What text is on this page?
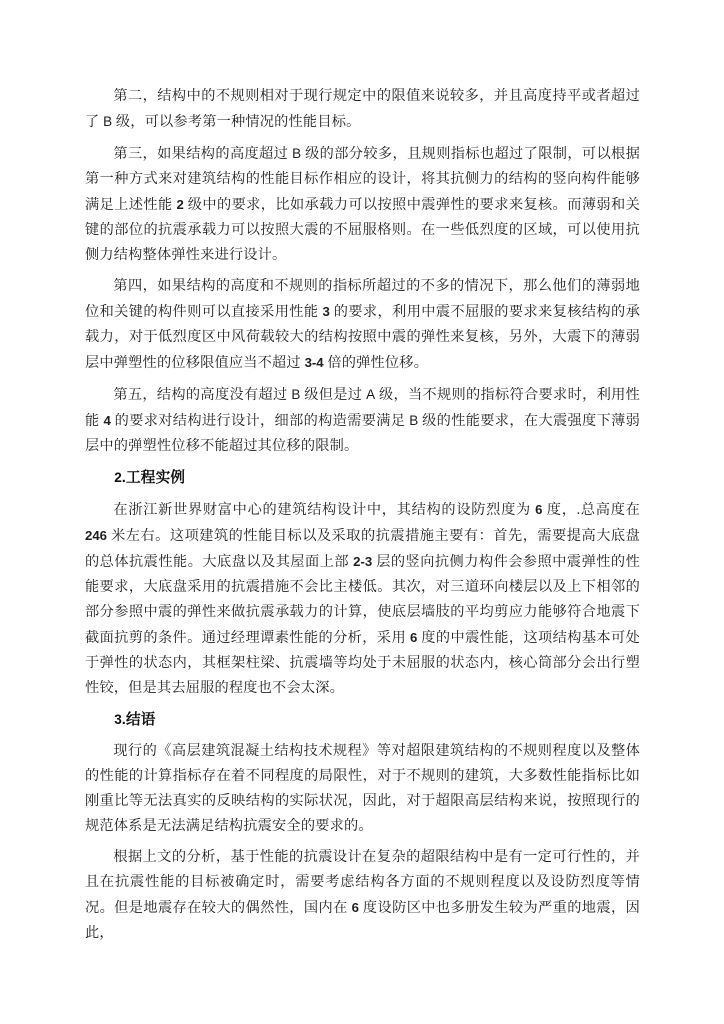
第二，结构中的不规则相对于现行规定中的限值来说较多，并且高度持平或者超过了 B 级，可以参考第一种情况的性能目标。

第三，如果结构的高度超过 B 级的部分较多，且规则指标也超过了限制，可以根据第一种方式来对建筑结构的性能目标作相应的设计，将其抗侧力的结构的竖向构件能够满足上述性能 2 级中的要求，比如承载力可以按照中震弹性的要求来复核。而薄弱和关键的部位的抗震承载力可以按照大震的不屈服格则。在一些低烈度的区域，可以使用抗侧力结构整体弹性来进行设计。

第四，如果结构的高度和不规则的指标所超过的不多的情况下，那么他们的薄弱地位和关键的构件则可以直接采用性能 3 的要求，利用中震不屈服的要求来复核结构的承载力，对于低烈度区中风荷载较大的结构按照中震的弹性来复核，另外，大震下的薄弱层中弹塑性的位移限值应当不超过 3-4 倍的弹性位移。

第五，结构的高度没有超过 B 级但是过 A 级，当不规则的指标符合要求时，利用性能 4 的要求对结构进行设计，细部的构造需要满足 B 级的性能要求，在大震强度下薄弱层中的弹塑性位移不能超过其位移的限制。

2.工程实例

在浙江新世界财富中心的建筑结构设计中，其结构的设防烈度为 6 度，.总高度在 246 米左右。这项建筑的性能目标以及采取的抗震措施主要有：首先，需要提高大底盘的总体抗震性能。大底盘以及其屋面上部 2-3 层的竖向抗侧力构件会参照中震弹性的性能要求，大底盘采用的抗震措施不会比主楼低。其次，对三道环向楼层以及上下相邻的部分参照中震的弹性来做抗震承载力的计算，使底层墙肢的平均剪应力能够符合地震下截面抗剪的条件。通过经理谭素性能的分析，采用 6 度的中震性能，这项结构基本可处于弹性的状态内，其框架柱梁、抗震墙等均处于未屈服的状态内，核心筒部分会出行塑性铰，但是其去屈服的程度也不会太深。

3.结语

现行的《高层建筑混凝土结构技术规程》等对超限建筑结构的不规则程度以及整体的性能的计算指标存在着不同程度的局限性，对于不规则的建筑，大多数性能指标比如刚重比等无法真实的反映结构的实际状况，因此，对于超限高层结构来说，按照现行的规范体系是无法满足结构抗震安全的要求的。

根据上文的分析，基于性能的抗震设计在复杂的超限结构中是有一定可行性的，并且在抗震性能的目标被确定时，需要考虑结构各方面的不规则程度以及设防烈度等情况。但是地震存在较大的偶然性，国内在 6 度设防区中也多册发生较为严重的地震，因此，
